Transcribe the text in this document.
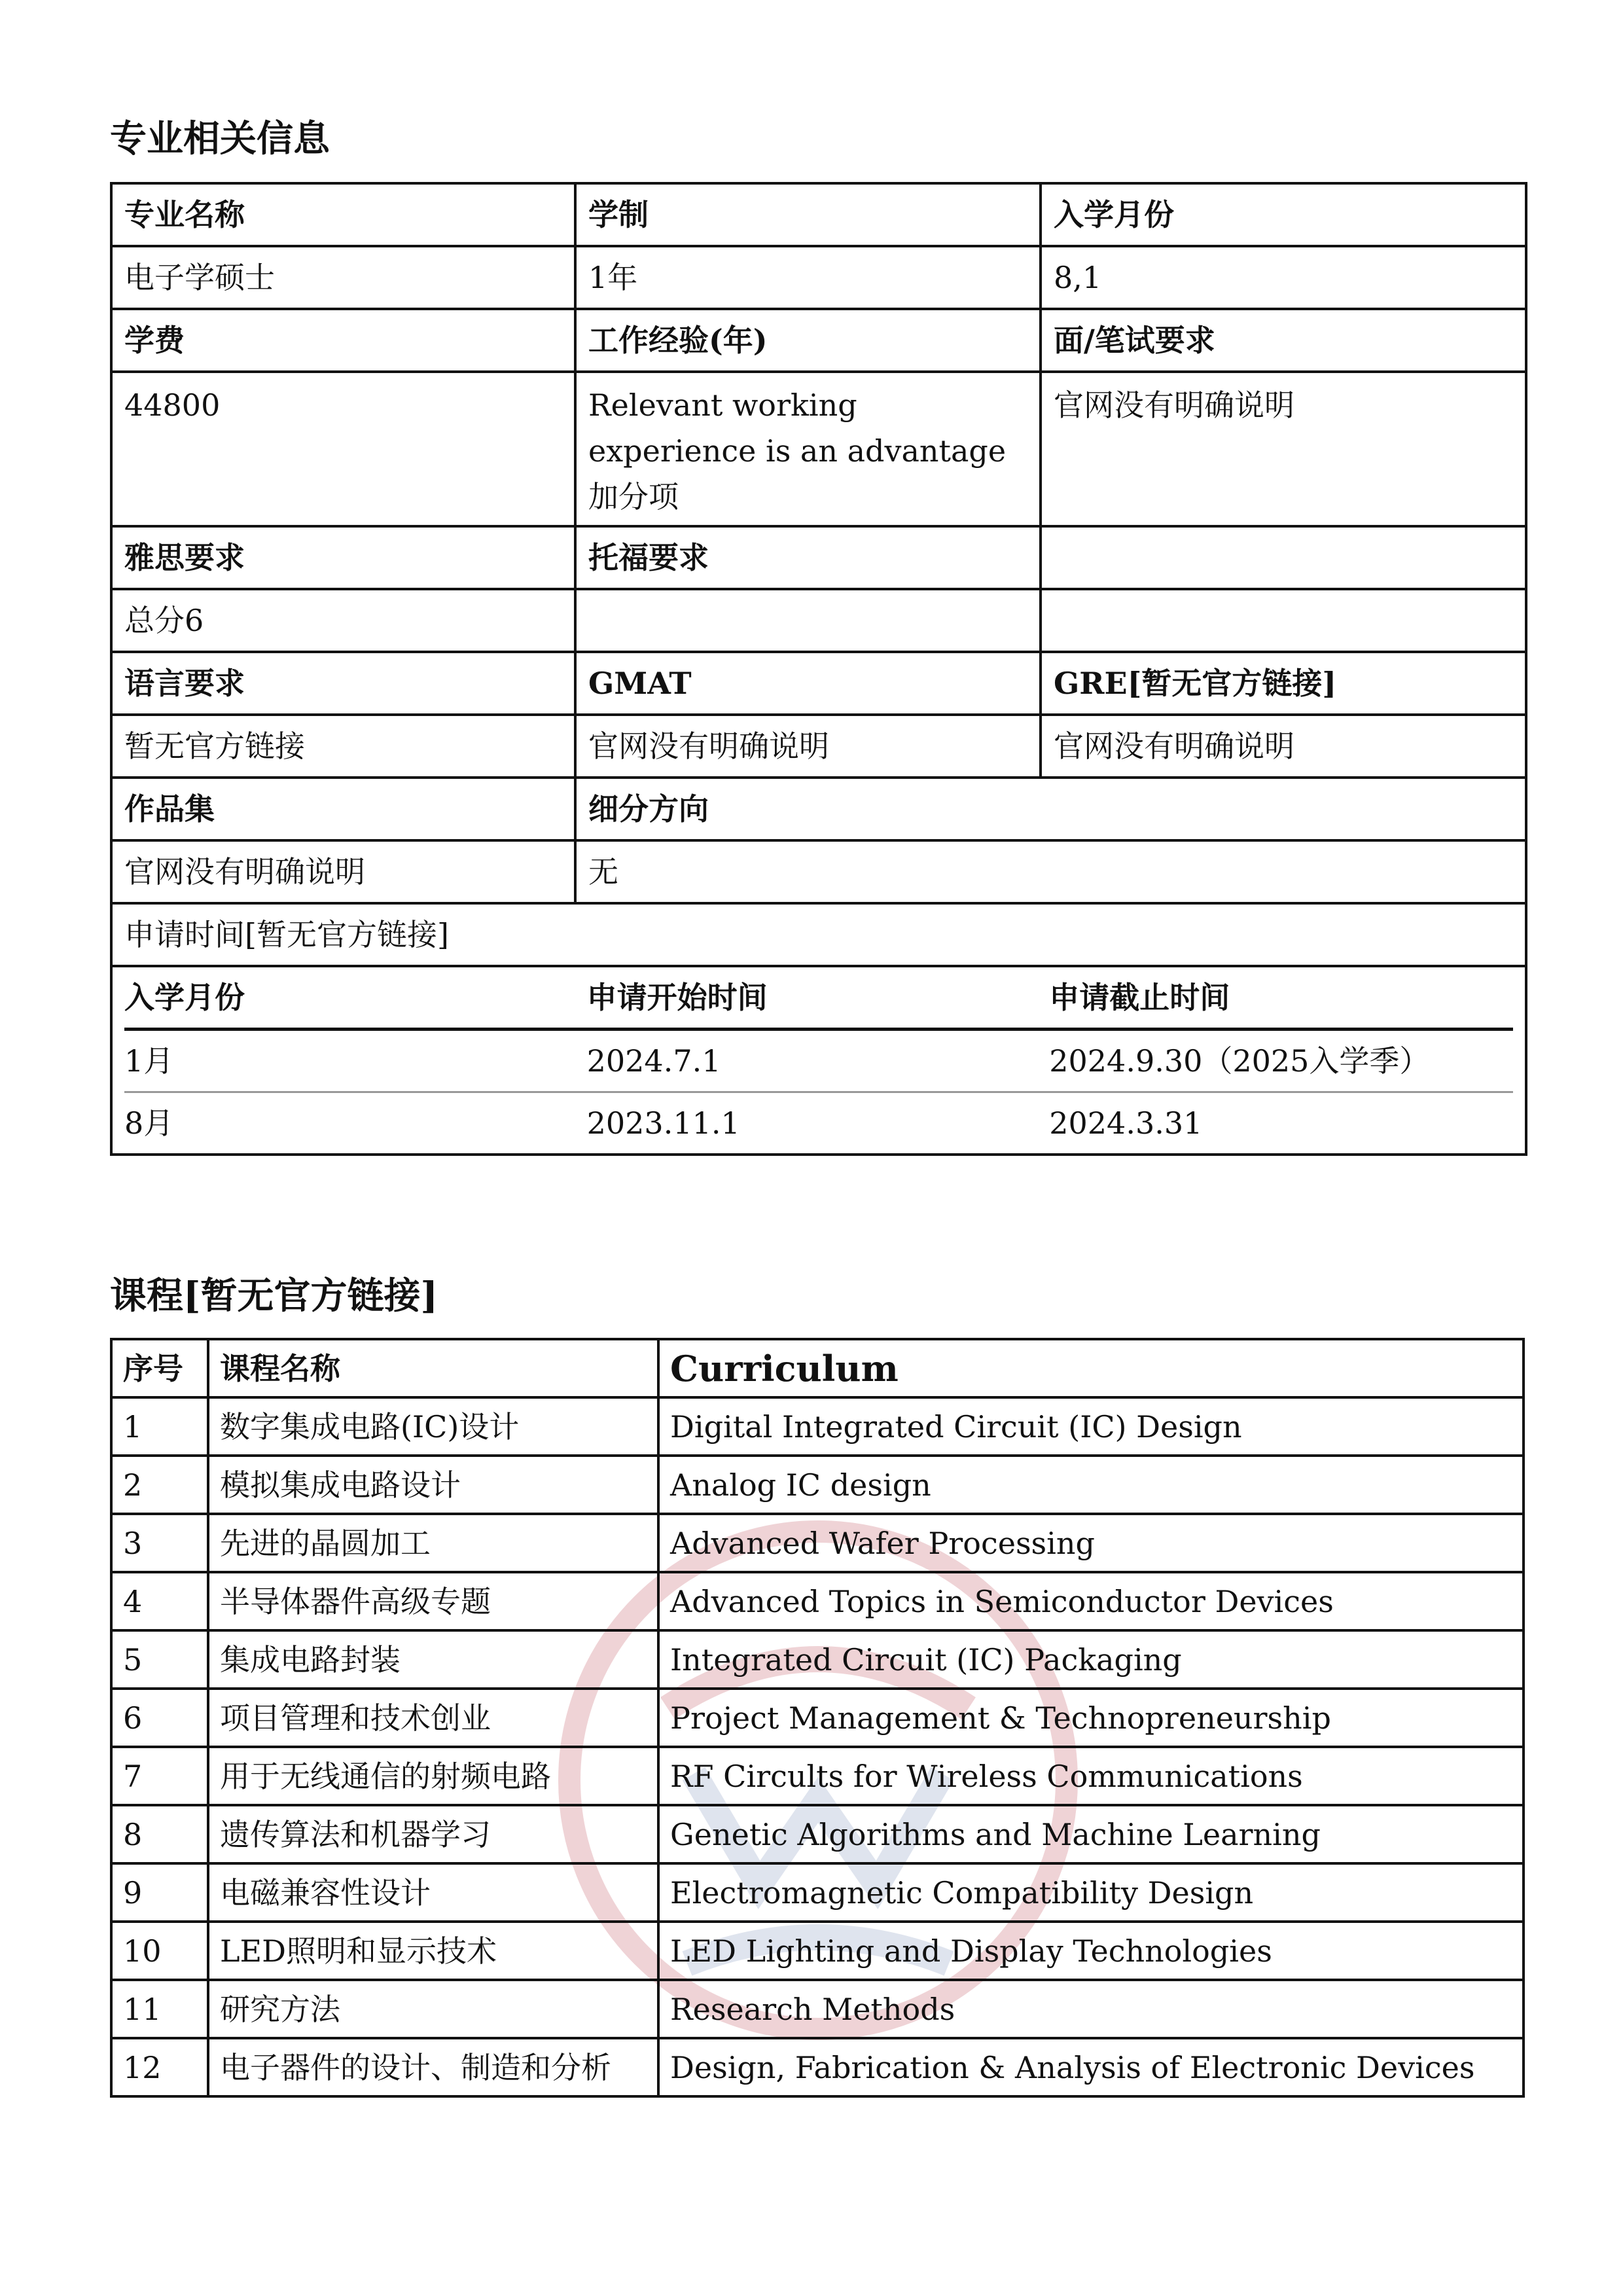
专业相关信息
专业名称	学制	入学月份
电子学硕士	1年	8,1
学费	工作经验(年)	面/笔试要求
44800	Relevant working experience is an advantage 加分项	官网没有明确说明
雅思要求	托福要求	
总分6		
语言要求	GMAT	GRE[暂无官方链接]
暂无官方链接	官网没有明确说明	官网没有明确说明
作品集	细分方向
官网没有明确说明	无
申请时间[暂无官方链接]

入学月份	申请开始时间	申请截止时间
1月	2024.7.1	2024.9.30（2025入学季）
8月	2023.11.1	2024.3.31
课程[暂无官方链接]
序号	课程名称	Curriculum
1	数字集成电路(IC)设计	Digital Integrated Circuit (IC) Design
2	模拟集成电路设计	Analog IC design
3	先进的晶圆加工	Advanced Wafer Processing
4	半导体器件高级专题	Advanced Topics in Semiconductor Devices
5	集成电路封装	Integrated Circuit (IC) Packaging
6	项目管理和技术创业	Project Management & Technopreneurship
7	用于无线通信的射频电路	RF Circults for Wireless Communications
8	遗传算法和机器学习	Genetic Algorithms and Machine Learning
9	电磁兼容性设计	Electromagnetic Compatibility Design
10	LED照明和显示技术	LED Lighting and Display Technologies
11	研究方法	Research Methods
12	电子器件的设计、制造和分析	Design, Fabrication & Analysis of Electronic Devices
